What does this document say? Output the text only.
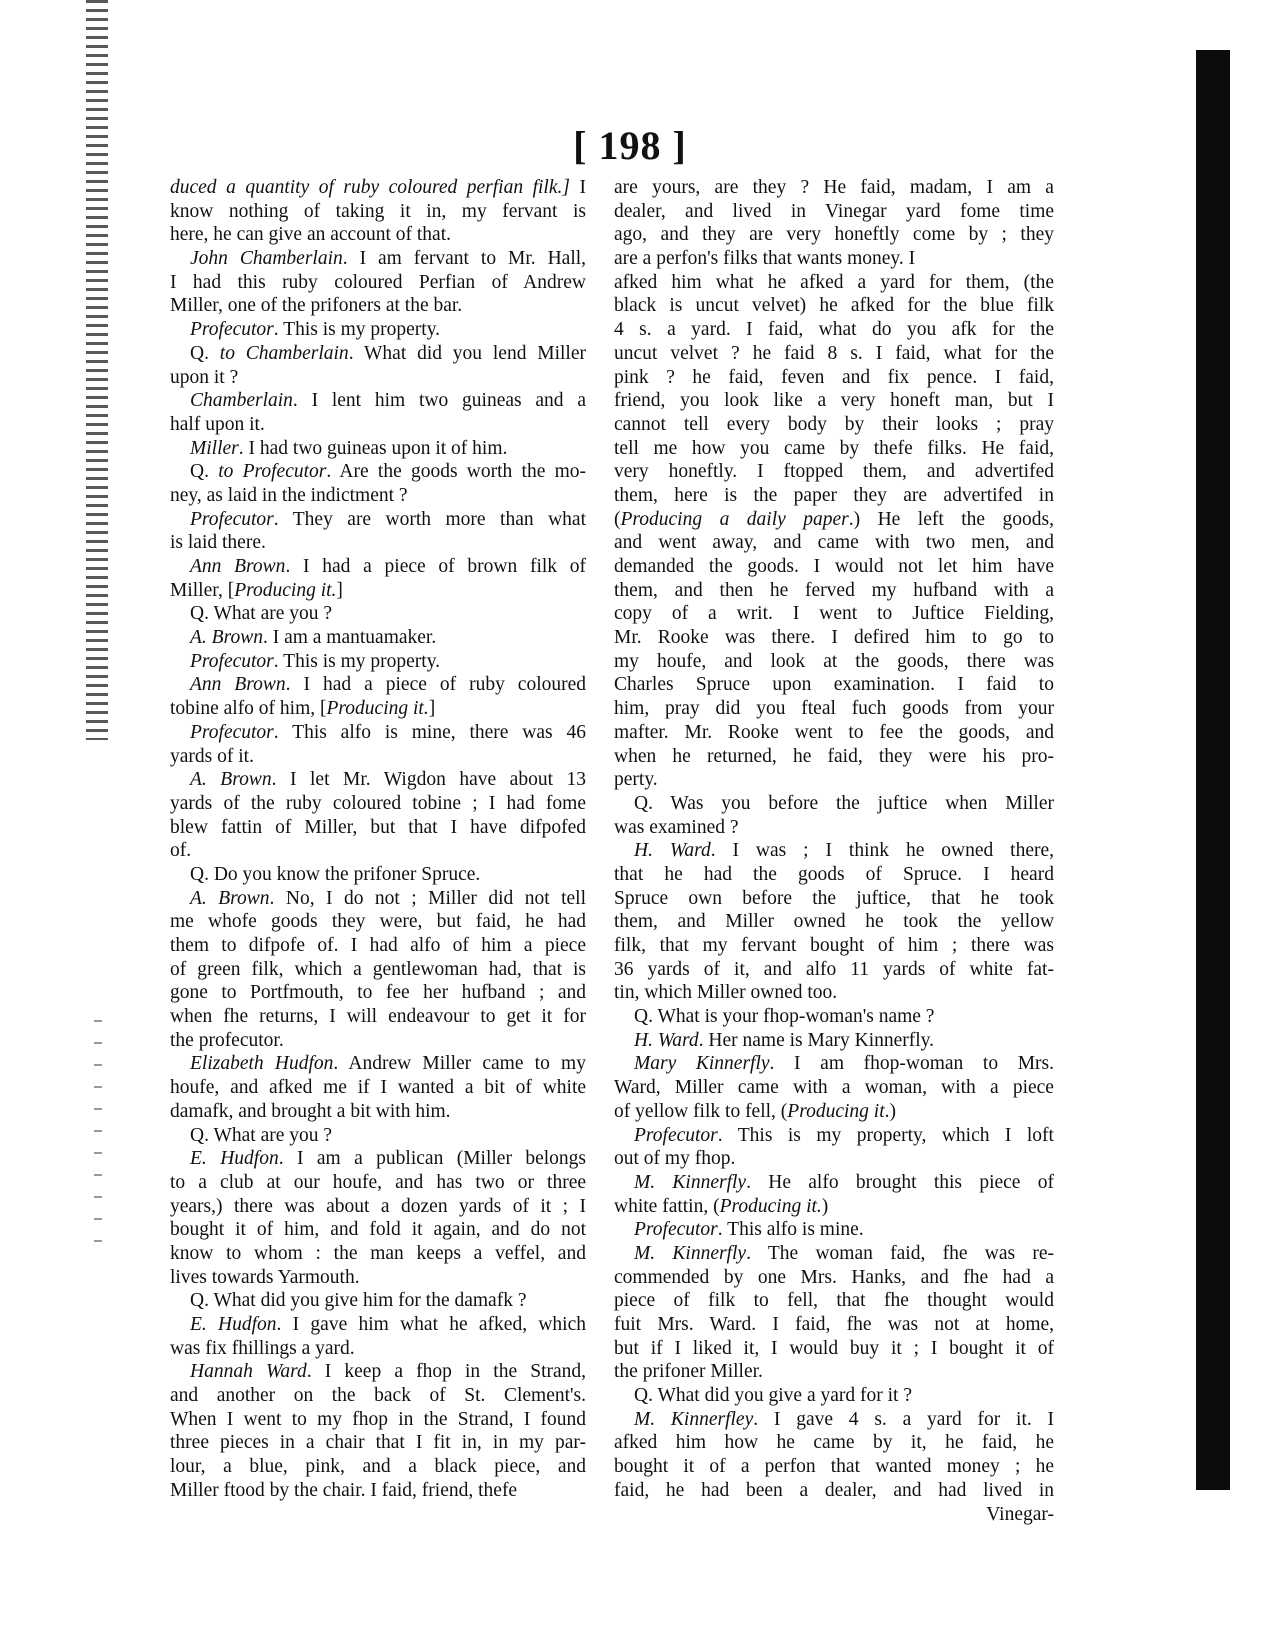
[ 198 ]
duced a quantity of ruby coloured perfian filk.] I
know nothing of taking it in, my fervant is
here, he can give an account of that.
John Chamberlain. I am fervant to Mr. Hall,
I had this ruby coloured Perfian of Andrew
Miller, one of the prifoners at the bar.
Profecutor. This is my property.
Q. to Chamberlain. What did you lend Miller
upon it ?
Chamberlain. I lent him two guineas and a
half upon it.
Miller. I had two guineas upon it of him.
Q. to Profecutor. Are the goods worth the mo-
ney, as laid in the indictment ?
Profecutor. They are worth more than what
is laid there.
Ann Brown. I had a piece of brown filk of
Miller, [Producing it.]
Q. What are you ?
A. Brown. I am a mantuamaker.
Profecutor. This is my property.
Ann Brown. I had a piece of ruby coloured
tobine alfo of him, [Producing it.]
Profecutor. This alfo is mine, there was 46
yards of it.
A. Brown. I let Mr. Wigdon have about 13
yards of the ruby coloured tobine ; I had fome
blew fattin of Miller, but that I have difpofed
of.
Q. Do you know the prifoner Spruce.
A. Brown. No, I do not ; Miller did not tell
me whofe goods they were, but faid, he had
them to difpofe of. I had alfo of him a piece
of green filk, which a gentlewoman had, that is
gone to Portfmouth, to fee her hufband ; and
when fhe returns, I will endeavour to get it for
the profecutor.
Elizabeth Hudfon. Andrew Miller came to my
houfe, and afked me if I wanted a bit of white
damafk, and brought a bit with him.
Q. What are you ?
E. Hudfon. I am a publican (Miller belongs
to a club at our houfe, and has two or three
years,) there was about a dozen yards of it ; I
bought it of him, and fold it again, and do not
know to whom : the man keeps a veffel, and
lives towards Yarmouth.
Q. What did you give him for the damafk ?
E. Hudfon. I gave him what he afked, which
was fix fhillings a yard.
Hannah Ward. I keep a fhop in the Strand,
and another on the back of St. Clement's.
When I went to my fhop in the Strand, I found
three pieces in a chair that I fit in, in my par-
lour, a blue, pink, and a black piece, and
Miller ftood by the chair. I faid, friend, thefe
are yours, are they ? He faid, madam, I am a
dealer, and lived in Vinegar yard fome time
ago, and they are very honeftly come by ; they
are a perfon's filks that wants money. I
afked him what he afked a yard for them, (the
black is uncut velvet) he afked for the blue filk
4 s. a yard. I faid, what do you afk for the
uncut velvet ? he faid 8 s. I faid, what for the
pink ? he faid, feven and fix pence. I faid,
friend, you look like a very honeft man, but I
cannot tell every body by their looks ; pray
tell me how you came by thefe filks. He faid,
very honeftly. I ftopped them, and advertifed
them, here is the paper they are advertifed in
(Producing a daily paper.) He left the goods,
and went away, and came with two men, and
demanded the goods. I would not let him have
them, and then he ferved my hufband with a
copy of a writ. I went to Juftice Fielding,
Mr. Rooke was there. I defired him to go to
my houfe, and look at the goods, there was
Charles Spruce upon examination. I faid to
him, pray did you fteal fuch goods from your
mafter. Mr. Rooke went to fee the goods, and
when he returned, he faid, they were his pro-
perty.
Q. Was you before the juftice when Miller
was examined ?
H. Ward. I was ; I think he owned there,
that he had the goods of Spruce. I heard
Spruce own before the juftice, that he took
them, and Miller owned he took the yellow
filk, that my fervant bought of him ; there was
36 yards of it, and alfo 11 yards of white fat-
tin, which Miller owned too.
Q. What is your fhop-woman's name ?
H. Ward. Her name is Mary Kinnerfly.
Mary Kinnerfly. I am fhop-woman to Mrs.
Ward, Miller came with a woman, with a piece
of yellow filk to fell, (Producing it.)
Profecutor. This is my property, which I loft
out of my fhop.
M. Kinnerfly. He alfo brought this piece of
white fattin, (Producing it.)
Profecutor. This alfo is mine.
M. Kinnerfly. The woman faid, fhe was re-
commended by one Mrs. Hanks, and fhe had a
piece of filk to fell, that fhe thought would
fuit Mrs. Ward. I faid, fhe was not at home,
but if I liked it, I would buy it ; I bought it of
the prifoner Miller.
Q. What did you give a yard for it ?
M. Kinnerfley. I gave 4 s. a yard for it. I
afked him how he came by it, he faid, he
bought it of a perfon that wanted money ; he
faid, he had been a dealer, and had lived in
Vinegar-
